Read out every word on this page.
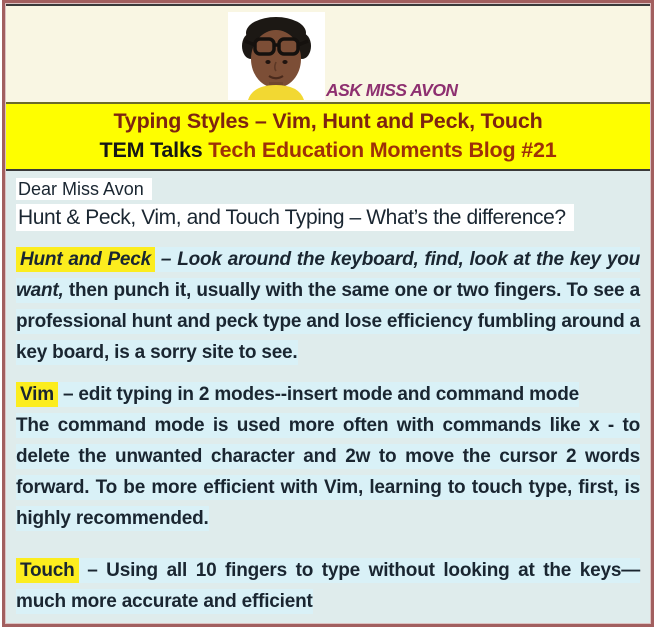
ASK MISS AVON
Typing Styles – Vim, Hunt and Peck, Touch
TEM Talks Tech Education Moments Blog #21
Dear Miss Avon
Hunt & Peck, Vim, and Touch Typing – What’s the difference?

Hunt and Peck – Look around the keyboard, find, look at the key you want, then punch it, usually with the same one or two fingers. To see a professional hunt and peck type and lose efficiency fumbling around a key board, is a sorry site to see.

Vim – edit typing in 2 modes--insert mode and command mode
The command mode is used more often with commands like x - to delete the unwanted character and 2w to move the cursor 2 words forward. To be more efficient with Vim, learning to touch type, first, is highly recommended.

Touch – Using all 10 fingers to type without looking at the keys—much more accurate and efficient
